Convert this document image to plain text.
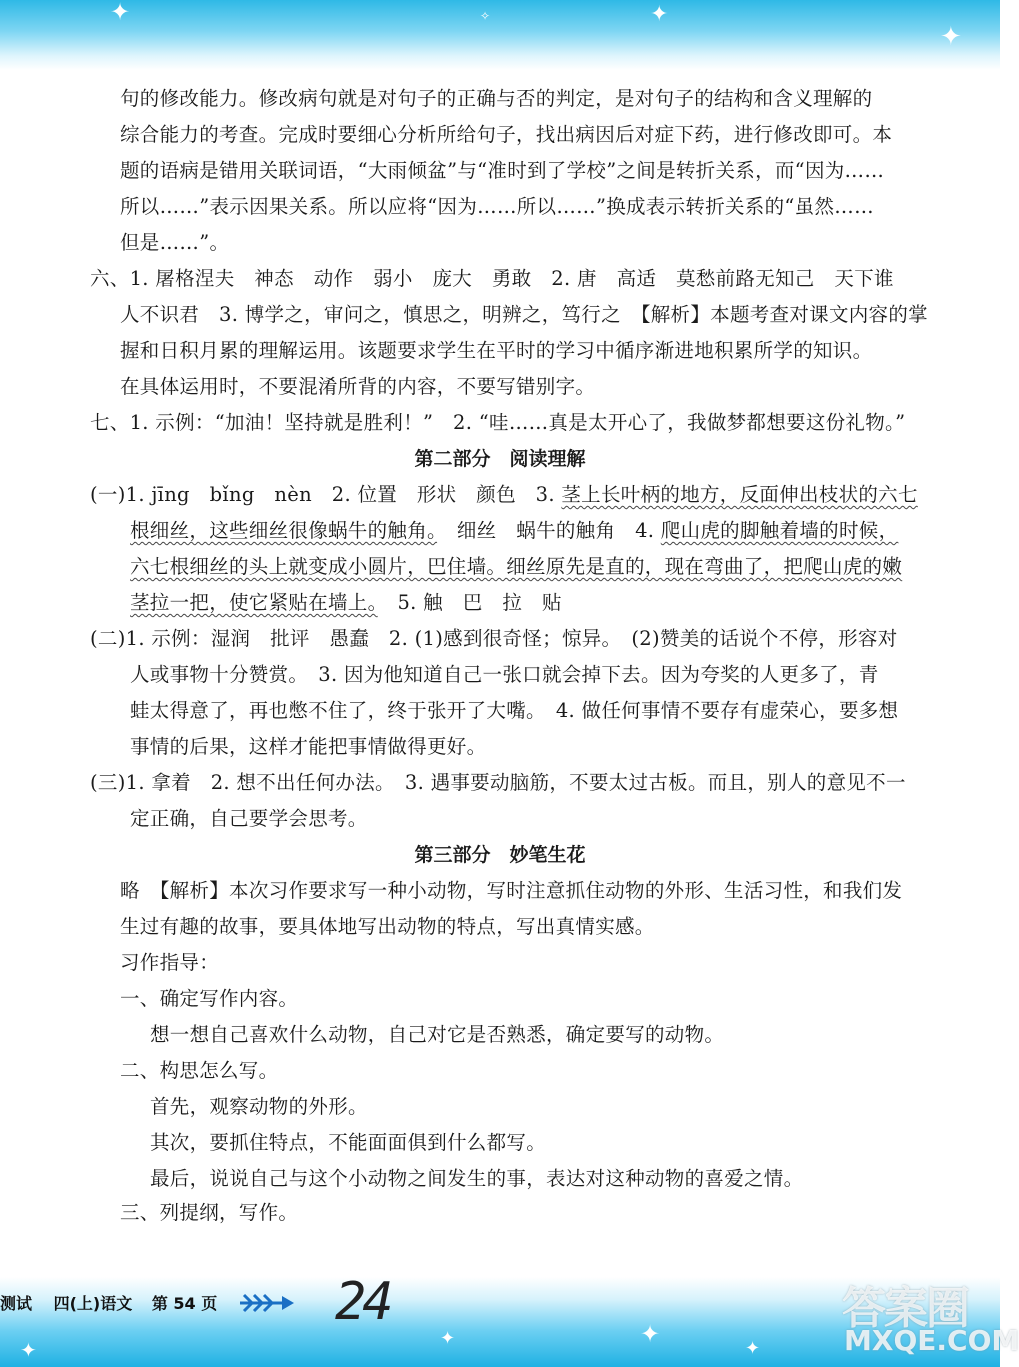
✦	✦
✦
✧
✦	✦	✦
✦
句的修改能力。修改病句就是对句子的正确与否的判定，是对句子的结构和含义理解的
综合能力的考查。完成时要细心分析所给句子，找出病因后对症下药，进行修改即可。本
题的语病是错用关联词语，“大雨倾盆”与“准时到了学校”之间是转折关系，而“因为……
所以……”表示因果关系。所以应将“因为……所以……”换成表示转折关系的“虽然……
但是……”。
六、1. 屠格涅夫　神态　动作　弱小　庞大　勇敢　2. 唐　高适　莫愁前路无知己　天下谁
人不识君　3. 博学之，审问之，慎思之，明辨之，笃行之　【解析】本题考查对课文内容的掌
握和日积月累的理解运用。该题要求学生在平时的学习中循序渐进地积累所学的知识。
在具体运用时，不要混淆所背的内容，不要写错别字。
七、1. 示例：“加油！坚持就是胜利！”　2. “哇……真是太开心了，我做梦都想要这份礼物。”
第二部分　阅读理解
(一)1. jīng　bǐng　nèn　2. 位置　形状　颜色　3. 茎上长叶柄的地方，反面伸出枝状的六七
根细丝，这些细丝很像蜗牛的触角。　细丝　蜗牛的触角　4. 爬山虎的脚触着墙的时候，
六七根细丝的头上就变成小圆片，巴住墙。细丝原先是直的，现在弯曲了，把爬山虎的嫩
茎拉一把，使它紧贴在墙上。　5. 触　巴　拉　贴
(二)1. 示例：湿润　批评　愚蠢　2. (1)感到很奇怪；惊异。　(2)赞美的话说个不停，形容对
人或事物十分赞赏。　3. 因为他知道自己一张口就会掉下去。因为夸奖的人更多了，青
蛙太得意了，再也憋不住了，终于张开了大嘴。　4. 做任何事情不要存有虚荣心，要多想
事情的后果，这样才能把事情做得更好。
(三)1. 拿着　2. 想不出任何办法。　3. 遇事要动脑筋，不要太过古板。而且，别人的意见不一
定正确，自己要学会思考。
第三部分　妙笔生花
略　【解析】本次习作要求写一种小动物，写时注意抓住动物的外形、生活习性，和我们发
生过有趣的故事，要具体地写出动物的特点，写出真情实感。
习作指导：
一、确定写作内容。
想一想自己喜欢什么动物，自己对它是否熟悉，确定要写的动物。
二、构思怎么写。
首先，观察动物的外形。
其次，要抓住特点，不能面面俱到什么都写。
最后，说说自己与这个小动物之间发生的事，表达对这种动物的喜爱之情。
三、列提纲，写作。
测试 四(上)语文 第 54 页 24	答案圈
MXQE.COM
